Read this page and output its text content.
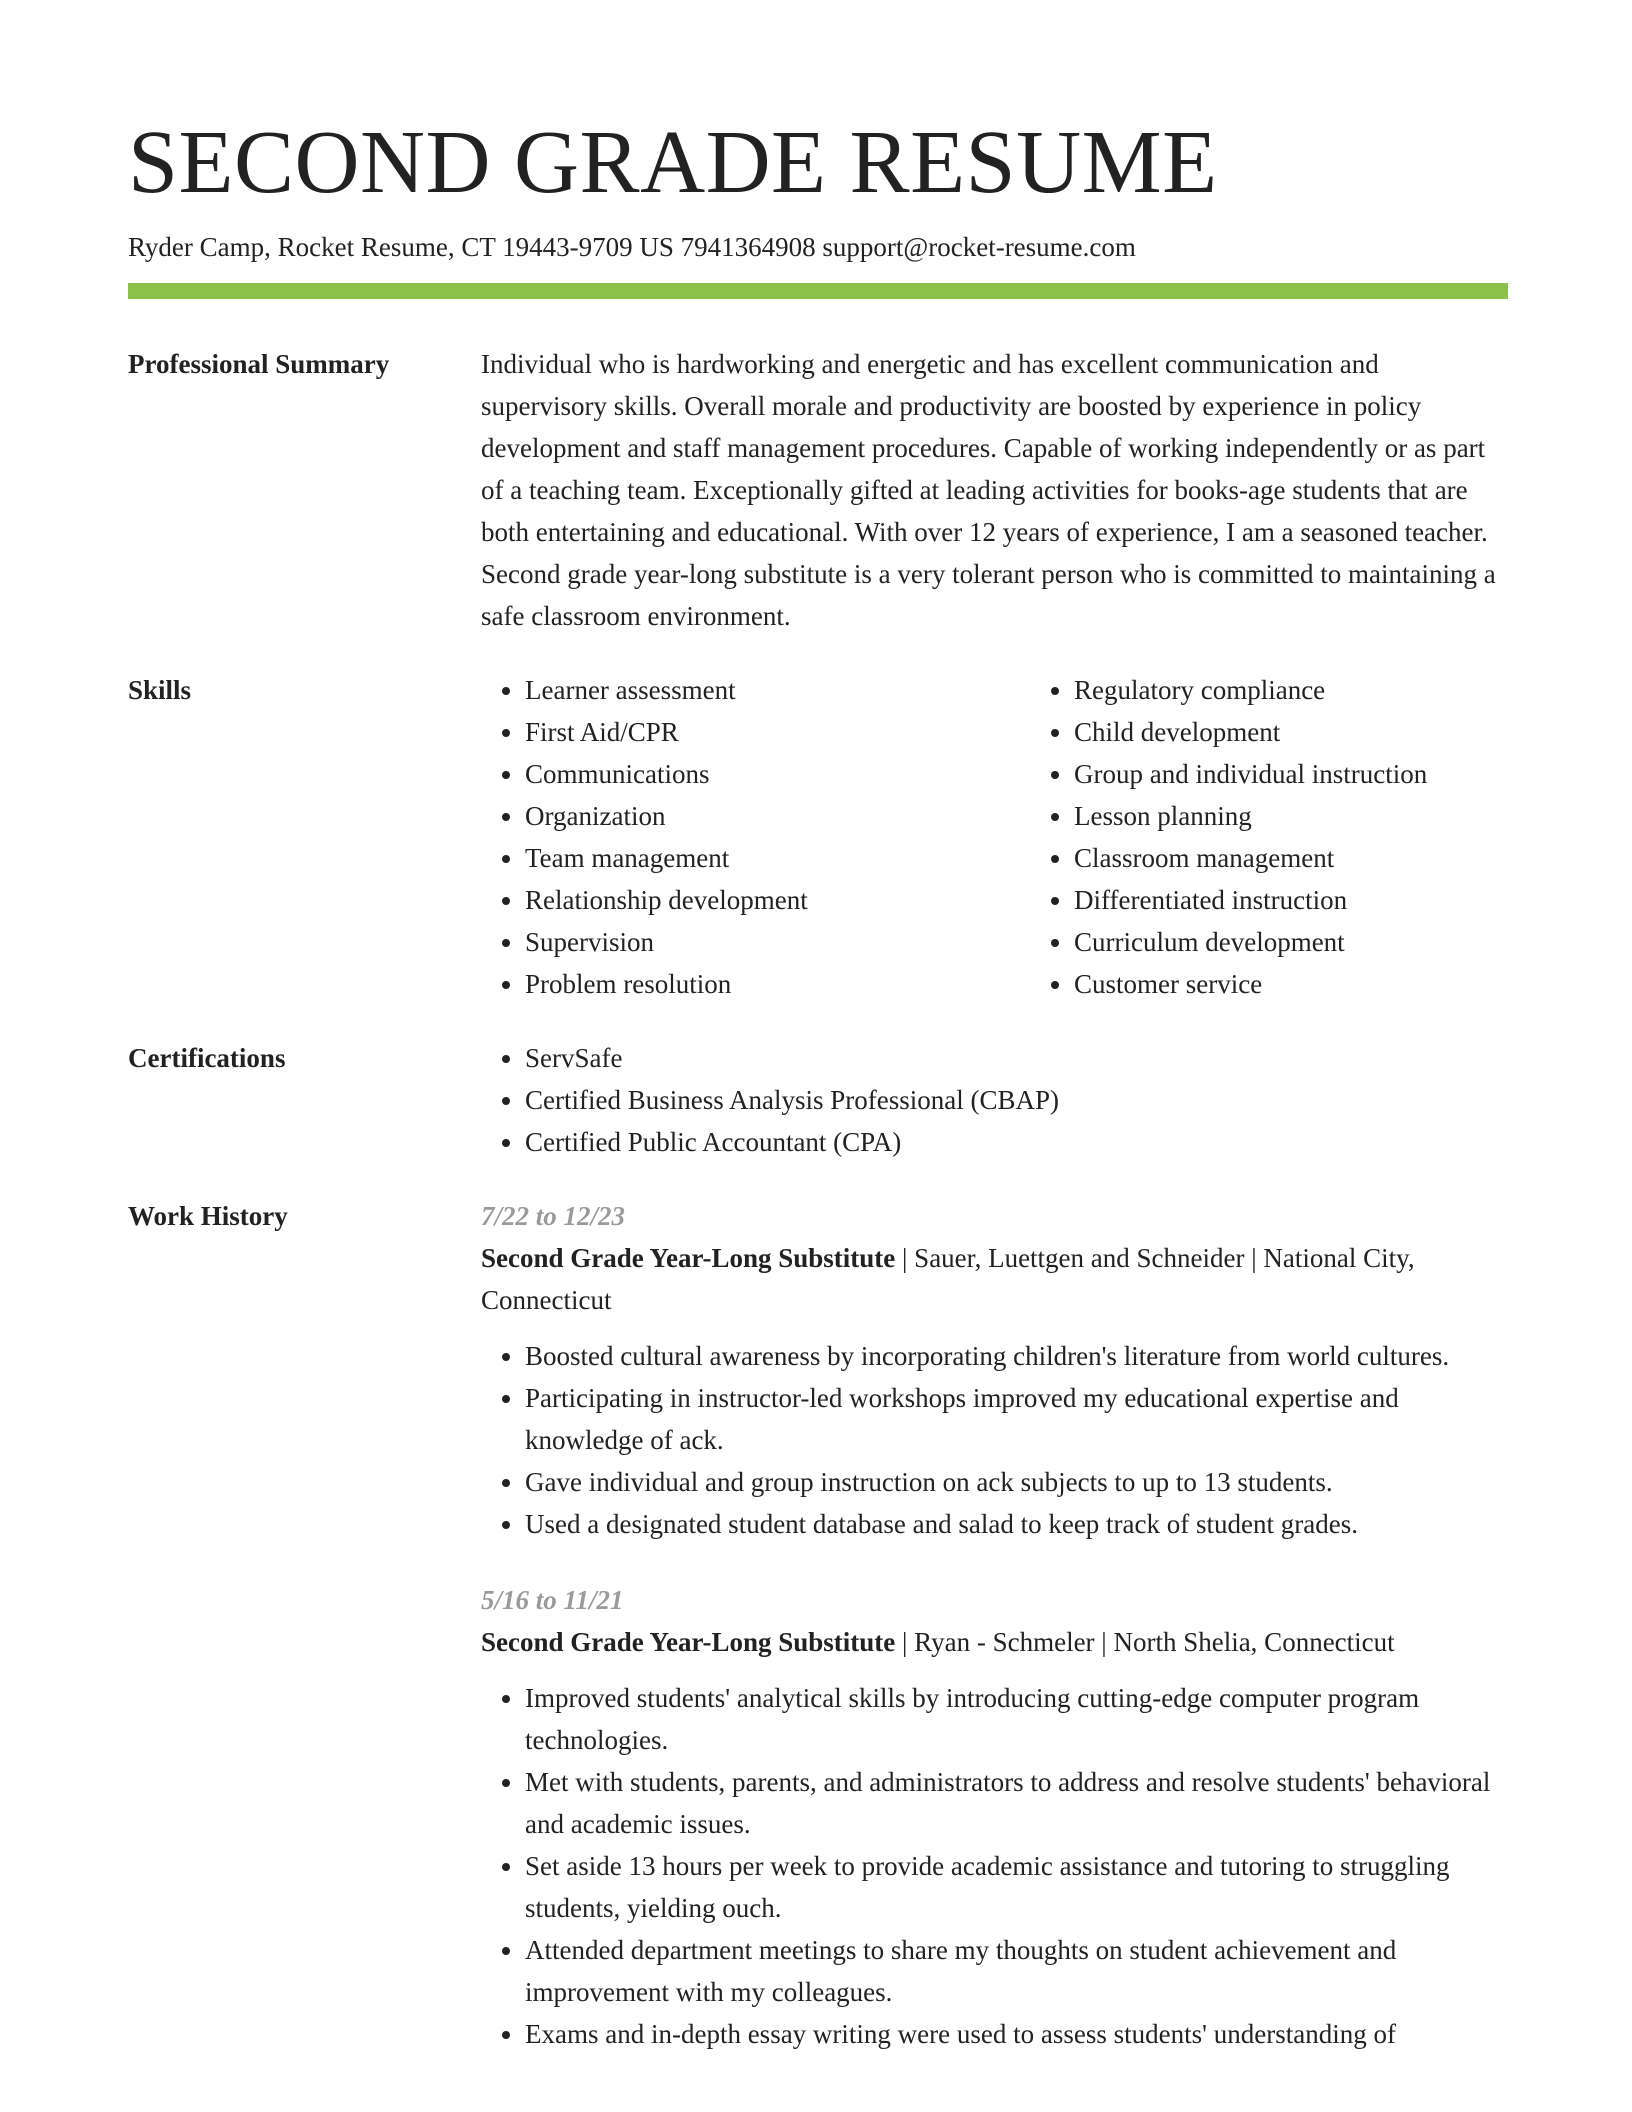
SECOND GRADE RESUME
Ryder Camp, Rocket Resume, CT 19443-9709 US 7941364908 support@rocket-resume.com
Professional Summary	Individual who is hardworking and energetic and has excellent communication and supervisory skills. Overall morale and productivity are boosted by experience in policy development and staff management procedures. Capable of working independently or as part of a teaching team. Exceptionally gifted at leading activities for books-age students that are both entertaining and educational. With over 12 years of experience, I am a seasoned teacher. Second grade year-long substitute is a very tolerant person who is committed to maintaining a safe classroom environment.

Skills	• Learner assessment
• First Aid/CPR
• Communications
• Organization
• Team management
• Relationship development
• Supervision
• Problem resolution
• Regulatory compliance
• Child development
• Group and individual instruction
• Lesson planning
• Classroom management
• Differentiated instruction
• Curriculum development
• Customer service
Certifications	• ServSafe
• Certified Business Analysis Professional (CBAP)
• Certified Public Accountant (CPA)
Work History	7/22 to 12/23
Second Grade Year-Long Substitute | Sauer, Luettgen and Schneider | National City, Connecticut
• Boosted cultural awareness by incorporating children's literature from world cultures.
• Participating in instructor-led workshops improved my educational expertise and knowledge of ack.
• Gave individual and group instruction on ack subjects to up to 13 students.
• Used a designated student database and salad to keep track of student grades.
5/16 to 11/21
Second Grade Year-Long Substitute | Ryan - Schmeler | North Shelia, Connecticut
• Improved students' analytical skills by introducing cutting-edge computer program technologies.
• Met with students, parents, and administrators to address and resolve students' behavioral and academic issues.
• Set aside 13 hours per week to provide academic assistance and tutoring to struggling students, yielding ouch.
• Attended department meetings to share my thoughts on student achievement and improvement with my colleagues.
• Exams and in-depth essay writing were used to assess students' understanding of
